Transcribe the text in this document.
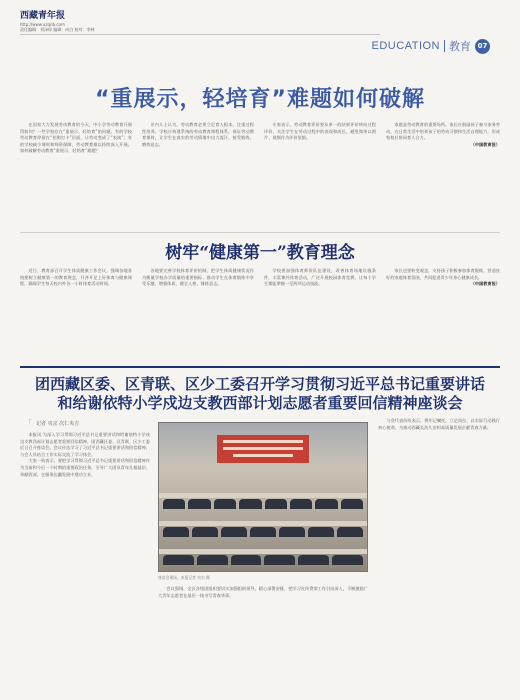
西藏青年报
http://www.xzqnb.com
责任编辑：刘泽琼 编辑：向白 校对：李林
EDUCATION 教育 07
“重展示，轻培育”难题如何破解

在国家大力发展劳动教育的今天，中小学劳动教育开展得如何？一些学校存在“重展示，轻培育”的问题。有的学校劳动教育停留在“拍照打卡”层面，让劳动变成了“表演”；有的学校缺少课时和师资保障，劳动教育难以持续深入开展。如何破解劳动教育“重展示，轻培育”难题？

业内人士认为，劳动教育必须立足育人根本，注重过程性培养。学校应构建系统的劳动教育课程体系，保证劳动教育课时，让学生在真实的劳动情境中出力流汗，接受锻炼，磨炼意志。

专家表示，劳动教育评价要从单一的结果评价转向过程评价，关注学生在劳动过程中的表现和成长，避免简单以照片、视频作为评价依据。

家庭是劳动教育的重要场所。家长应鼓励孩子参与家务劳动，在日常生活中培养孩子的劳动习惯和生活自理能力，形成家校社协同育人合力。

（中国教育报）
树牢“健康第一”教育理念

近日，教育部召开学生体质健康工作会议，强调各地各校要树立健康第一的教育理念，开齐开足上好体育与健康课程，确保学生每天校内外各一小时体育活动时间。

各地要完善学校体育评价机制，把学生体质健康状况作为衡量学校办学质量的重要指标，推动学生在体育锻炼中享受乐趣、增强体质、健全人格、锤炼意志。

学校要加强体育师资队伍建设，改善体育场地设施条件，丰富课外体育活动，广泛开展校园体育竞赛，让每个学生都能掌握一至两项运动技能。

家长也要转变观念，支持孩子积极参加体育锻炼，营造良好的家庭体育氛围，共同促进青少年身心健康成长。

（中国教育报）
团西藏区委、区青联、区少工委召开学习贯彻习近平总书记重要讲话
和给谢依特小学戍边支教西部计划志愿者重要回信精神座谈会
「 记者 央宗 次仁央吉

本报讯 为深入学习贯彻习近平总书记重要讲话和给谢依特小学戍边支教西部计划志愿者重要回信精神，团西藏区委、区青联、区少工委近日召开座谈会。会议传达学习了习近平总书记重要讲话和回信精神，与会人员结合工作实际交流了学习体会。

大家一致表示，要把学习贯彻习近平总书记重要讲话和回信精神作为当前和今后一个时期的重要政治任务，引导广大团员青年扎根基层、奉献西部，在服务边疆发展中建功立业。

座谈会现场。本报记者 央宗 摄

会议强调，全区各级团组织要切实加强组织领导，精心部署安排，把学习宣传贯彻工作引向深入，不断激励广大青年志愿者在基层一线书写青春华章。

与会代表纷纷表示，将牢记嘱托，立足岗位，以实际行动践行初心使命，为推动西藏长治久安和高质量发展贡献青春力量。
